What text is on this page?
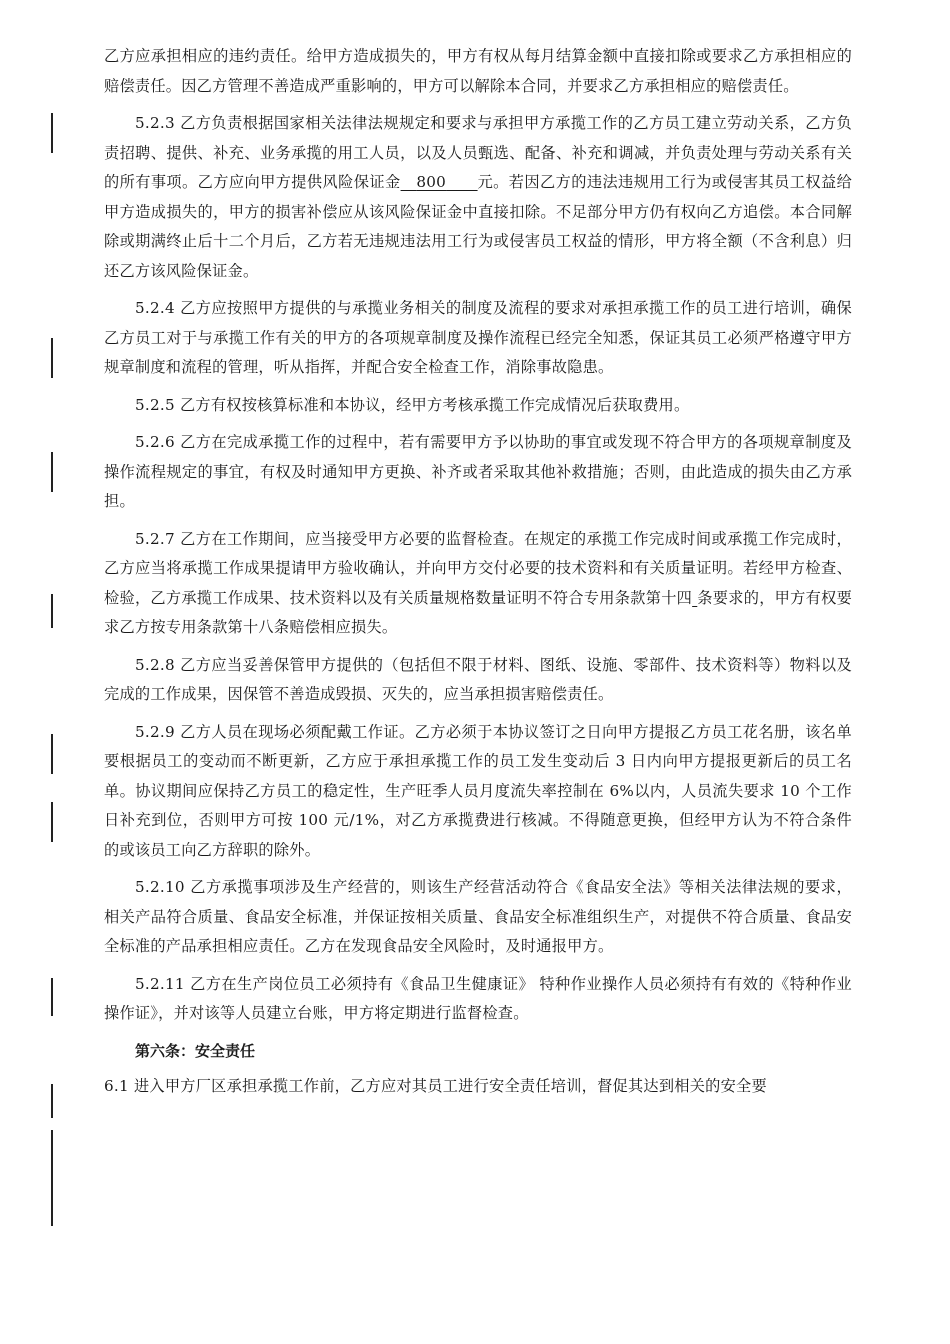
乙方应承担相应的违约责任。给甲方造成损失的，甲方有权从每月结算金额中直接扣除或要求乙方承担相应的赔偿责任。因乙方管理不善造成严重影响的，甲方可以解除本合同，并要求乙方承担相应的赔偿责任。

5.2.3 乙方负责根据国家相关法律法规规定和要求与承担甲方承揽工作的乙方员工建立劳动关系，乙方负责招聘、提供、补充、业务承揽的用工人员，以及人员甄选、配备、补充和调减，并负责处理与劳动关系有关的所有事项。乙方应向甲方提供风险保证金 800 元。若因乙方的违法违规用工行为或侵害其员工权益给甲方造成损失的，甲方的损害补偿应从该风险保证金中直接扣除。不足部分甲方仍有权向乙方追偿。本合同解除或期满终止后十二个月后，乙方若无违规违法用工行为或侵害员工权益的情形，甲方将全额（不含利息）归还乙方该风险保证金。

5.2.4 乙方应按照甲方提供的与承揽业务相关的制度及流程的要求对承担承揽工作的员工进行培训，确保乙方员工对于与承揽工作有关的甲方的各项规章制度及操作流程已经完全知悉，保证其员工必须严格遵守甲方规章制度和流程的管理，听从指挥，并配合安全检查工作，消除事故隐患。

5.2.5 乙方有权按核算标准和本协议，经甲方考核承揽工作完成情况后获取费用。

5.2.6 乙方在完成承揽工作的过程中，若有需要甲方予以协助的事宜或发现不符合甲方的各项规章制度及操作流程规定的事宜，有权及时通知甲方更换、补齐或者采取其他补救措施；否则，由此造成的损失由乙方承担。

5.2.7 乙方在工作期间，应当接受甲方必要的监督检查。在规定的承揽工作完成时间或承揽工作完成时，乙方应当将承揽工作成果提请甲方验收确认，并向甲方交付必要的技术资料和有关质量证明。若经甲方检查、检验，乙方承揽工作成果、技术资料以及有关质量规格数量证明不符合专用条款第十四 条要求的，甲方有权要求乙方按专用条款第十八条赔偿相应损失。

5.2.8 乙方应当妥善保管甲方提供的（包括但不限于材料、图纸、设施、零部件、技术资料等）物料以及完成的工作成果，因保管不善造成毁损、灭失的，应当承担损害赔偿责任。

5.2.9 乙方人员在现场必须配戴工作证。乙方必须于本协议签订之日向甲方提报乙方员工花名册，该名单要根据员工的变动而不断更新，乙方应于承担承揽工作的员工发生变动后 3 日内向甲方提报更新后的员工名单。协议期间应保持乙方员工的稳定性，生产旺季人员月度流失率控制在 6%以内，人员流失要求 10 个工作日补充到位，否则甲方可按 100 元/1%，对乙方承揽费进行核减。不得随意更换，但经甲方认为不符合条件的或该员工向乙方辞职的除外。

5.2.10 乙方承揽事项涉及生产经营的，则该生产经营活动符合《食品安全法》等相关法律法规的要求，相关产品符合质量、食品安全标准，并保证按相关质量、食品安全标准组织生产，对提供不符合质量、食品安全标准的产品承担相应责任。乙方在发现食品安全风险时，及时通报甲方。

5.2.11 乙方在生产岗位员工必须持有《食品卫生健康证》 特种作业操作人员必须持有有效的《特种作业操作证》，并对该等人员建立台账，甲方将定期进行监督检查。

第六条：安全责任

6.1 进入甲方厂区承担承揽工作前，乙方应对其员工进行安全责任培训，督促其达到相关的安全要
